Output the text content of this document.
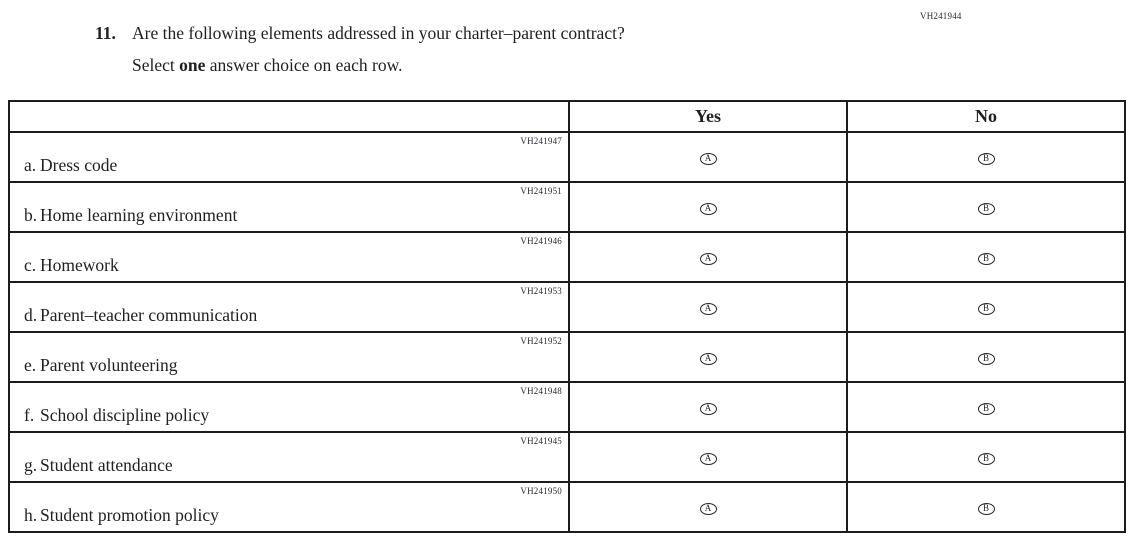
VH241944
11. Are the following elements addressed in your charter–parent contract?
Select one answer choice on each row.
	Yes	No

VH241947
a. Dress code	A	B

VH241951
b. Home learning environment	A	B

VH241946
c. Homework	A	B

VH241953
d. Parent–teacher communication	A	B

VH241952
e. Parent volunteering	A	B

VH241948
f. School discipline policy	A	B

VH241945
g. Student attendance	A	B

VH241950
h. Student promotion policy	A	B
